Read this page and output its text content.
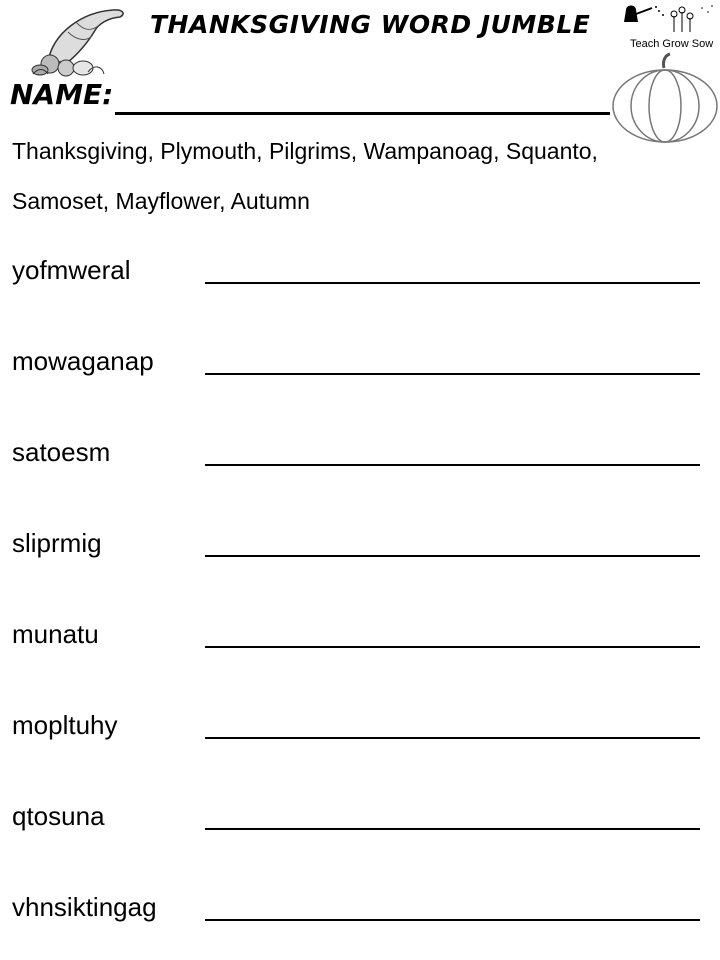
THANKSGIVING WORD JUMBLE
Teach Grow Sow
NAME:
Thanksgiving, Plymouth, Pilgrims, Wampanoag, Squanto, Samoset, Mayflower, Autumn
yofmweral
mowaganap
satoesm
sliprmig
munatu
mopltuhy
qtosuna
vhnsiktingag
